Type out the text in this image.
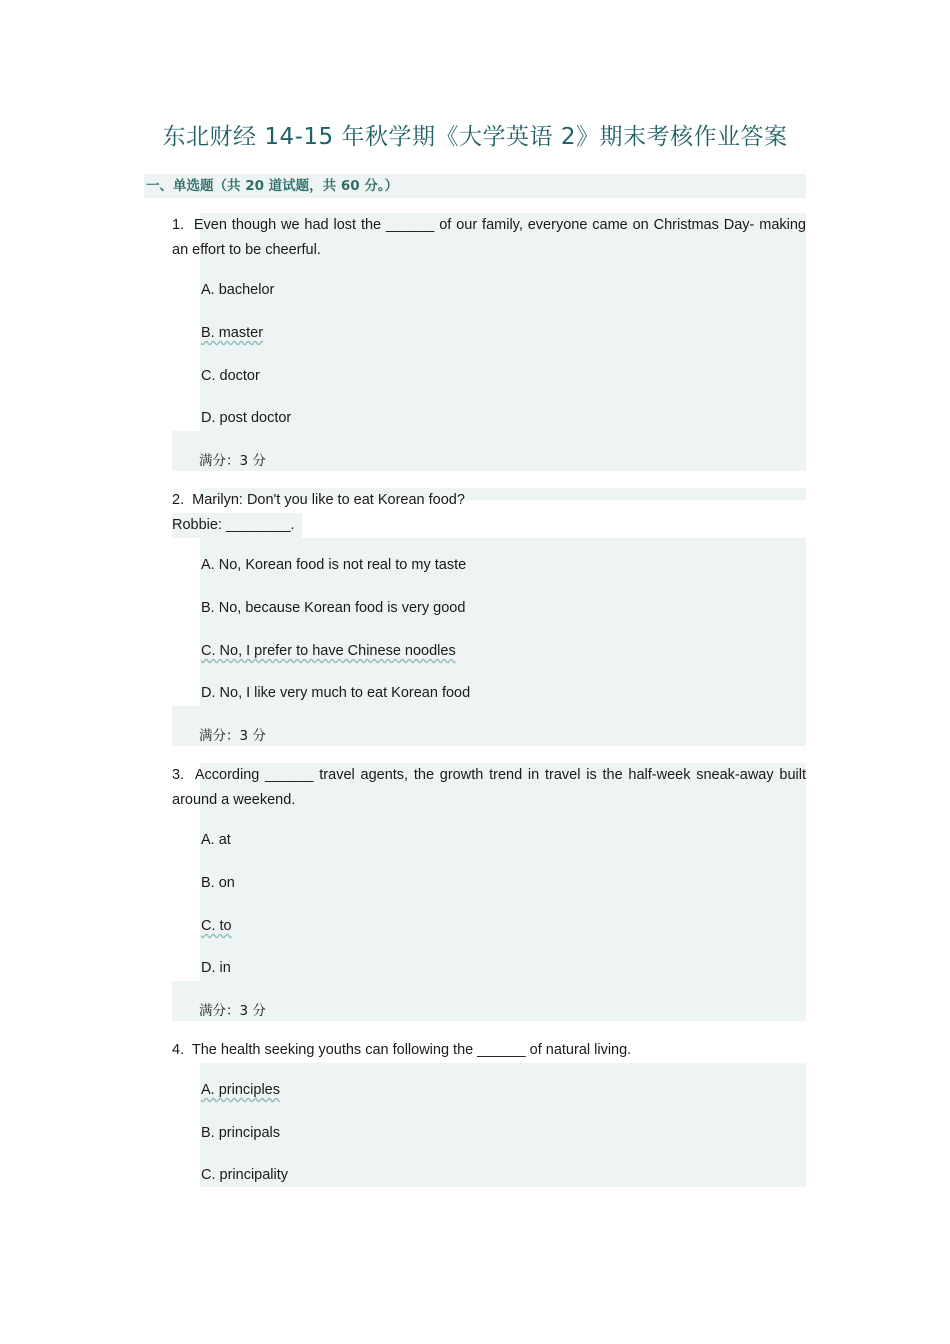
东北财经 14-15 年秋学期《大学英语 2》期末考核作业答案
一、单选题（共 20 道试题，共 60 分。）
1. Even though we had lost the ______ of our family, everyone came on Christmas Day- making an effort to be cheerful.
A. bachelor
B. master
C. doctor
D. post doctor
满分：3 分
2. Marilyn: Don't you like to eat Korean food?
Robbie: ________.
A. No, Korean food is not real to my taste
B. No, because Korean food is very good
C. No, I prefer to have Chinese noodles
D. No, I like very much to eat Korean food
满分：3 分
3. According ______ travel agents, the growth trend in travel is the half-week sneak-away built around a weekend.
A. at
B. on
C. to
D. in
满分：3 分
4. The health seeking youths can following the ______ of natural living.
A. principles
B. principals
C. principality
